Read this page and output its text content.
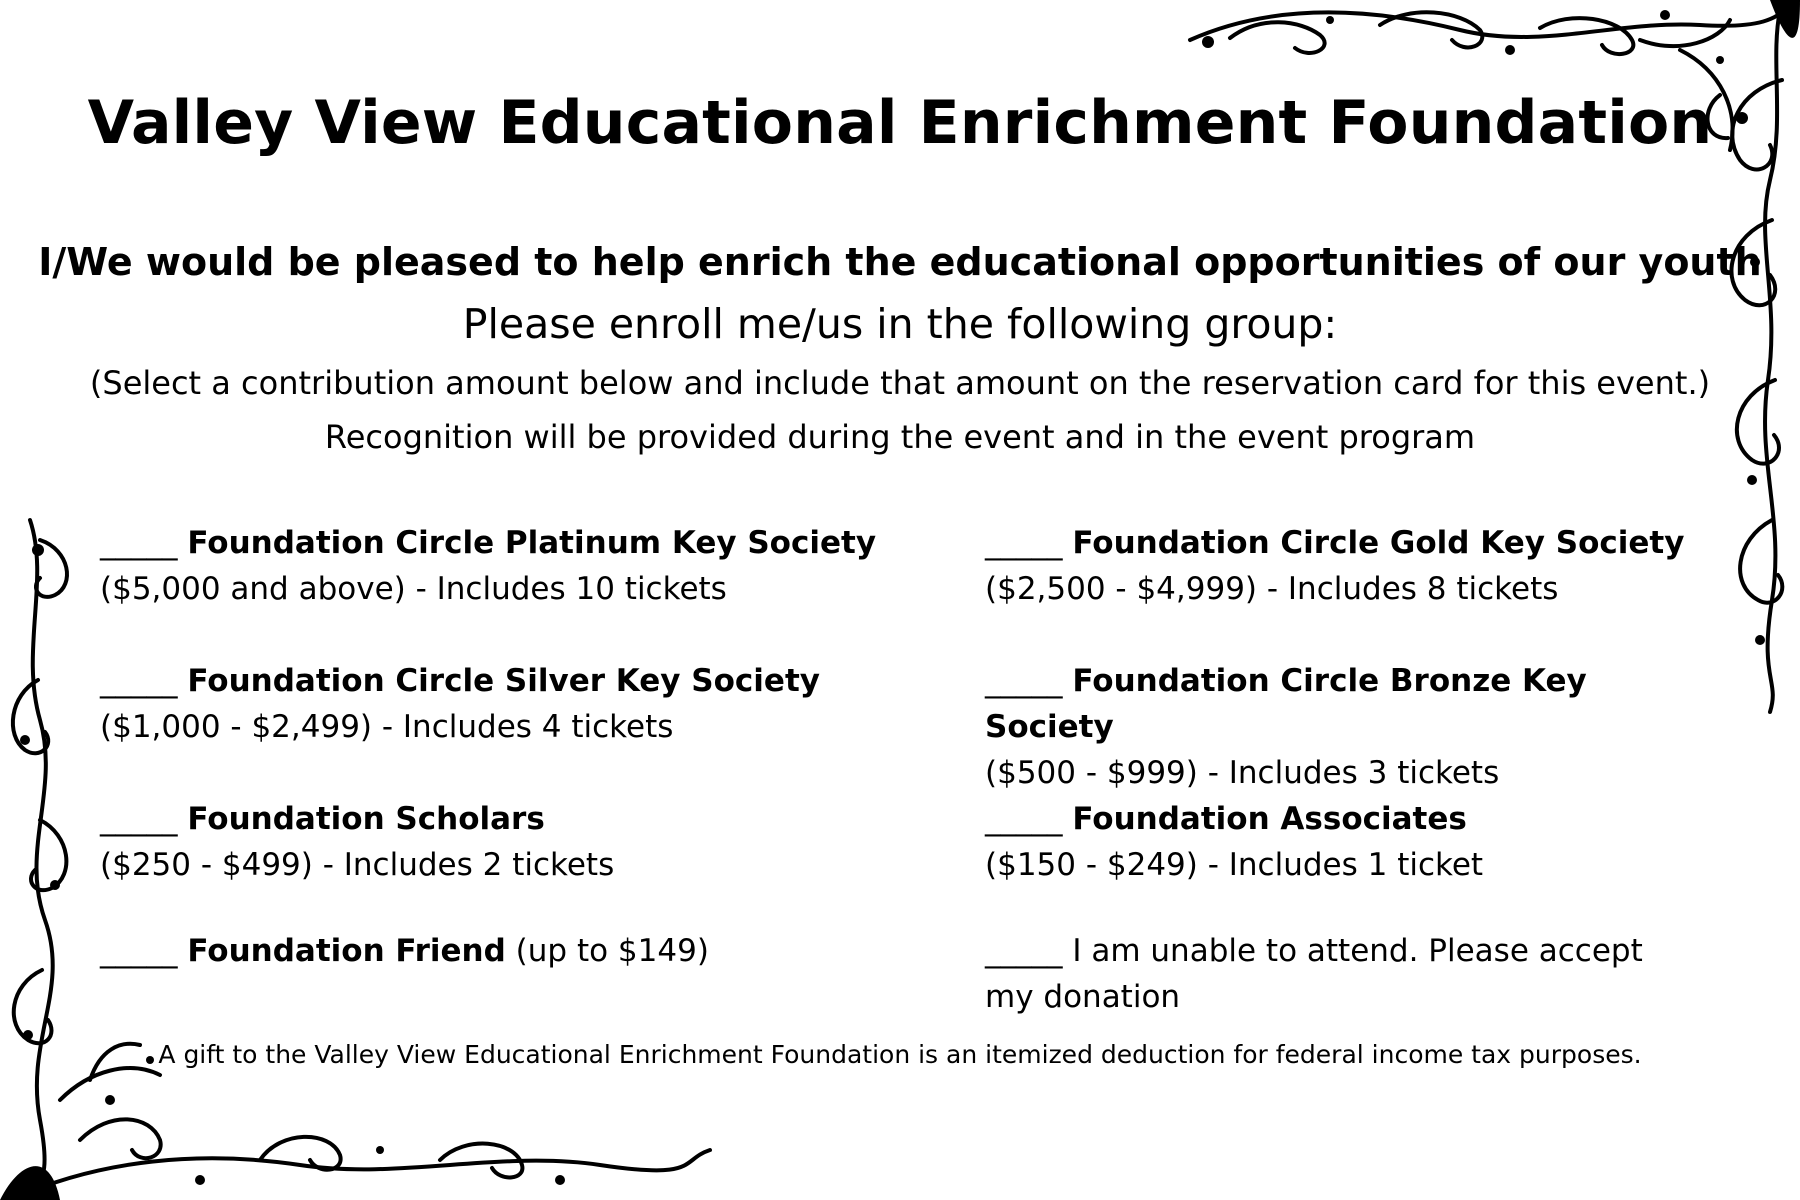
Valley View Educational Enrichment Foundation
I/We would be pleased to help enrich the educational opportunities of our youth
Please enroll me/us in the following group:
(Select a contribution amount below and include that amount on the reservation card for this event.)
Recognition will be provided during the event and in the event program
_____ Foundation Circle Platinum Key Society
($5,000 and above) - Includes 10 tickets
_____ Foundation Circle Silver Key Society
($1,000 - $2,499) - Includes 4 tickets
_____ Foundation Scholars
($250 - $499) - Includes 2 tickets
_____ Foundation Friend (up to $149)
_____ Foundation Circle Gold Key Society
($2,500 - $4,999) - Includes 8 tickets
_____ Foundation Circle Bronze Key Society
($500 - $999) - Includes 3 tickets
_____ Foundation Associates
($150 - $249) - Includes 1 ticket
_____ I am unable to attend. Please accept my donation
A gift to the Valley View Educational Enrichment Foundation is an itemized deduction for federal income tax purposes.
